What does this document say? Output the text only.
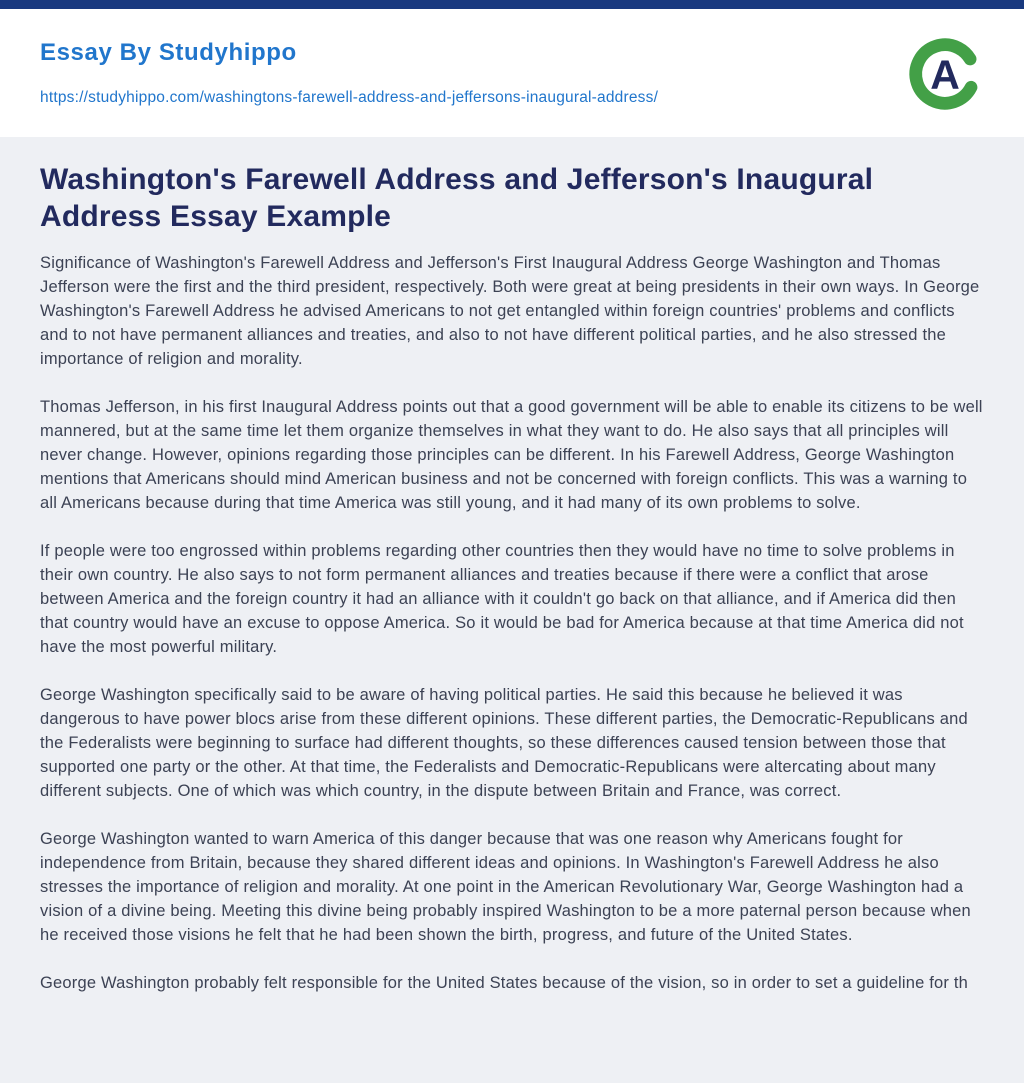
Essay By Studyhippo
https://studyhippo.com/washingtons-farewell-address-and-jeffersons-inaugural-address/	A
Washington's Farewell Address and Jefferson's Inaugural Address Essay Example

Significance of Washington's Farewell Address and Jefferson's First Inaugural Address George Washington and Thomas Jefferson were the first and the third president, respectively. Both were great at being presidents in their own ways. In George Washington's Farewell Address he advised Americans to not get entangled within foreign countries' problems and conflicts and to not have permanent alliances and treaties, and also to not have different political parties, and he also stressed the importance of religion and morality.

Thomas Jefferson, in his first Inaugural Address points out that a good government will be able to enable its citizens to be well mannered, but at the same time let them organize themselves in what they want to do. He also says that all principles will never change. However, opinions regarding those principles can be different. In his Farewell Address, George Washington mentions that Americans should mind American business and not be concerned with foreign conflicts. This was a warning to all Americans because during that time America was still young, and it had many of its own problems to solve.

If people were too engrossed within problems regarding other countries then they would have no time to solve problems in their own country. He also says to not form permanent alliances and treaties because if there were a conflict that arose between America and the foreign country it had an alliance with it couldn't go back on that alliance, and if America did then that country would have an excuse to oppose America. So it would be bad for America because at that time America did not have the most powerful military.

George Washington specifically said to be aware of having political parties. He said this because he believed it was dangerous to have power blocs arise from these different opinions. These different parties, the Democratic-Republicans and the Federalists were beginning to surface had different thoughts, so these differences caused tension between those that supported one party or the other. At that time, the Federalists and Democratic-Republicans were altercating about many different subjects. One of which was which country, in the dispute between Britain and France, was correct.

George Washington wanted to warn America of this danger because that was one reason why Americans fought for independence from Britain, because they shared different ideas and opinions. In Washington's Farewell Address he also stresses the importance of religion and morality. At one point in the American Revolutionary War, George Washington had a vision of a divine being. Meeting this divine being probably inspired Washington to be a more paternal person because when he received those visions he felt that he had been shown the birth, progress, and future of the United States.

George Washington probably felt responsible for the United States because of the vision, so in order to set a guideline for th
